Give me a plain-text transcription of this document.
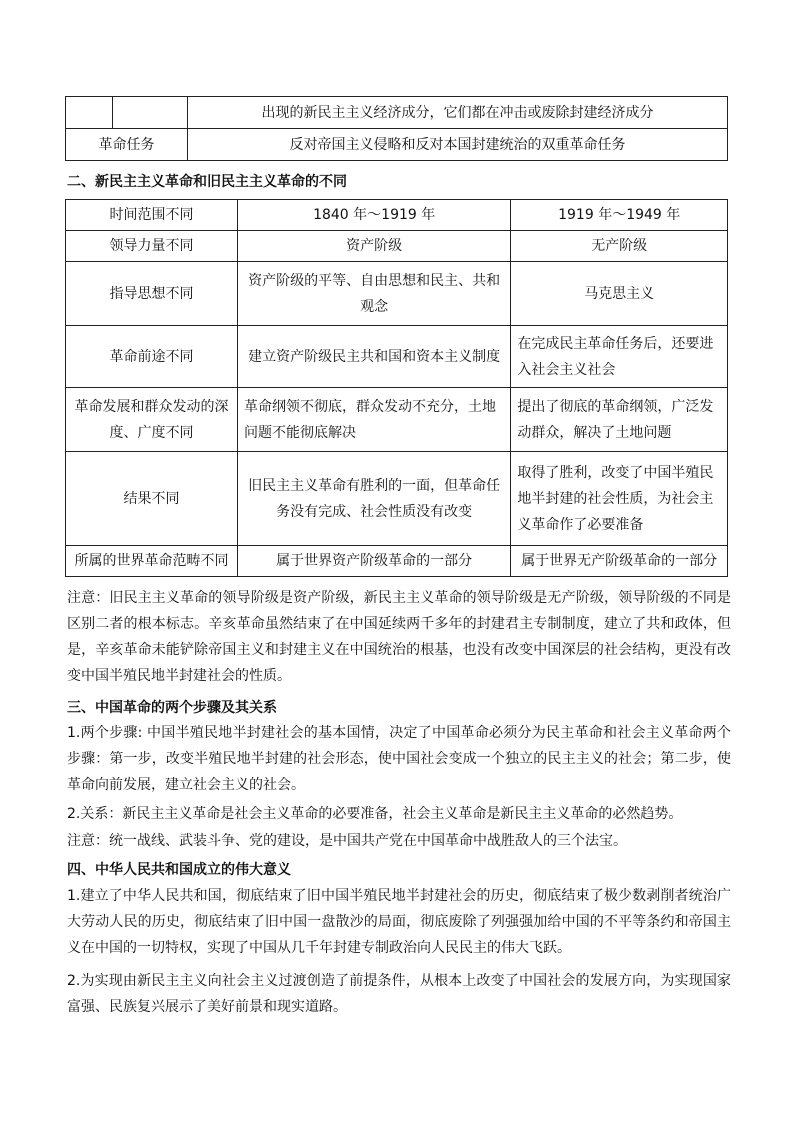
		出现的新民主主义经济成分，它们都在冲击或废除封建经济成分
革命任务		反对帝国主义侵略和反对本国封建统治的双重革命任务
二、新民主主义革命和旧民主主义革命的不同
时间范围不同	1840 年～1919 年	1919 年～1949 年
领导力量不同	资产阶级	无产阶级
指导思想不同	资产阶级的平等、自由思想和民主、共和观念	马克思主义
革命前途不同	建立资产阶级民主共和国和资本主义制度	在完成民主革命任务后，还要进入社会主义社会
革命发展和群众发动的深度、广度不同	革命纲领不彻底，群众发动不充分，土地问题不能彻底解决	提出了彻底的革命纲领，广泛发动群众，解决了土地问题
结果不同	旧民主主义革命有胜利的一面，但革命任务没有完成、社会性质没有改变	取得了胜利，改变了中国半殖民地半封建的社会性质，为社会主义革命作了必要准备
所属的世界革命范畴不同	属于世界资产阶级革命的一部分	属于世界无产阶级革命的一部分
注意：旧民主主义革命的领导阶级是资产阶级，新民主主义革命的领导阶级是无产阶级，领导阶级的不同是区别二者的根本标志。辛亥革命虽然结束了在中国延续两千多年的封建君主专制制度，建立了共和政体，但是，辛亥革命未能铲除帝国主义和封建主义在中国统治的根基，也没有改变中国深层的社会结构，更没有改变中国半殖民地半封建社会的性质。
三、中国革命的两个步骤及其关系
1.两个步骤: 中国半殖民地半封建社会的基本国情，决定了中国革命必须分为民主革命和社会主义革命两个步骤：第一步，改变半殖民地半封建的社会形态，使中国社会变成一个独立的民主主义的社会；第二步，使革命向前发展，建立社会主义的社会。
2.关系：新民主主义革命是社会主义革命的必要准备，社会主义革命是新民主主义革命的必然趋势。
注意：统一战线、武装斗争、党的建设，是中国共产党在中国革命中战胜敌人的三个法宝。
四、中华人民共和国成立的伟大意义
1.建立了中华人民共和国，彻底结束了旧中国半殖民地半封建社会的历史，彻底结束了极少数剥削者统治广大劳动人民的历史，彻底结束了旧中国一盘散沙的局面，彻底废除了列强强加给中国的不平等条约和帝国主义在中国的一切特权，实现了中国从几千年封建专制政治向人民民主的伟大飞跃。
2.为实现由新民主主义向社会主义过渡创造了前提条件，从根本上改变了中国社会的发展方向，为实现国家富强、民族复兴展示了美好前景和现实道路。
